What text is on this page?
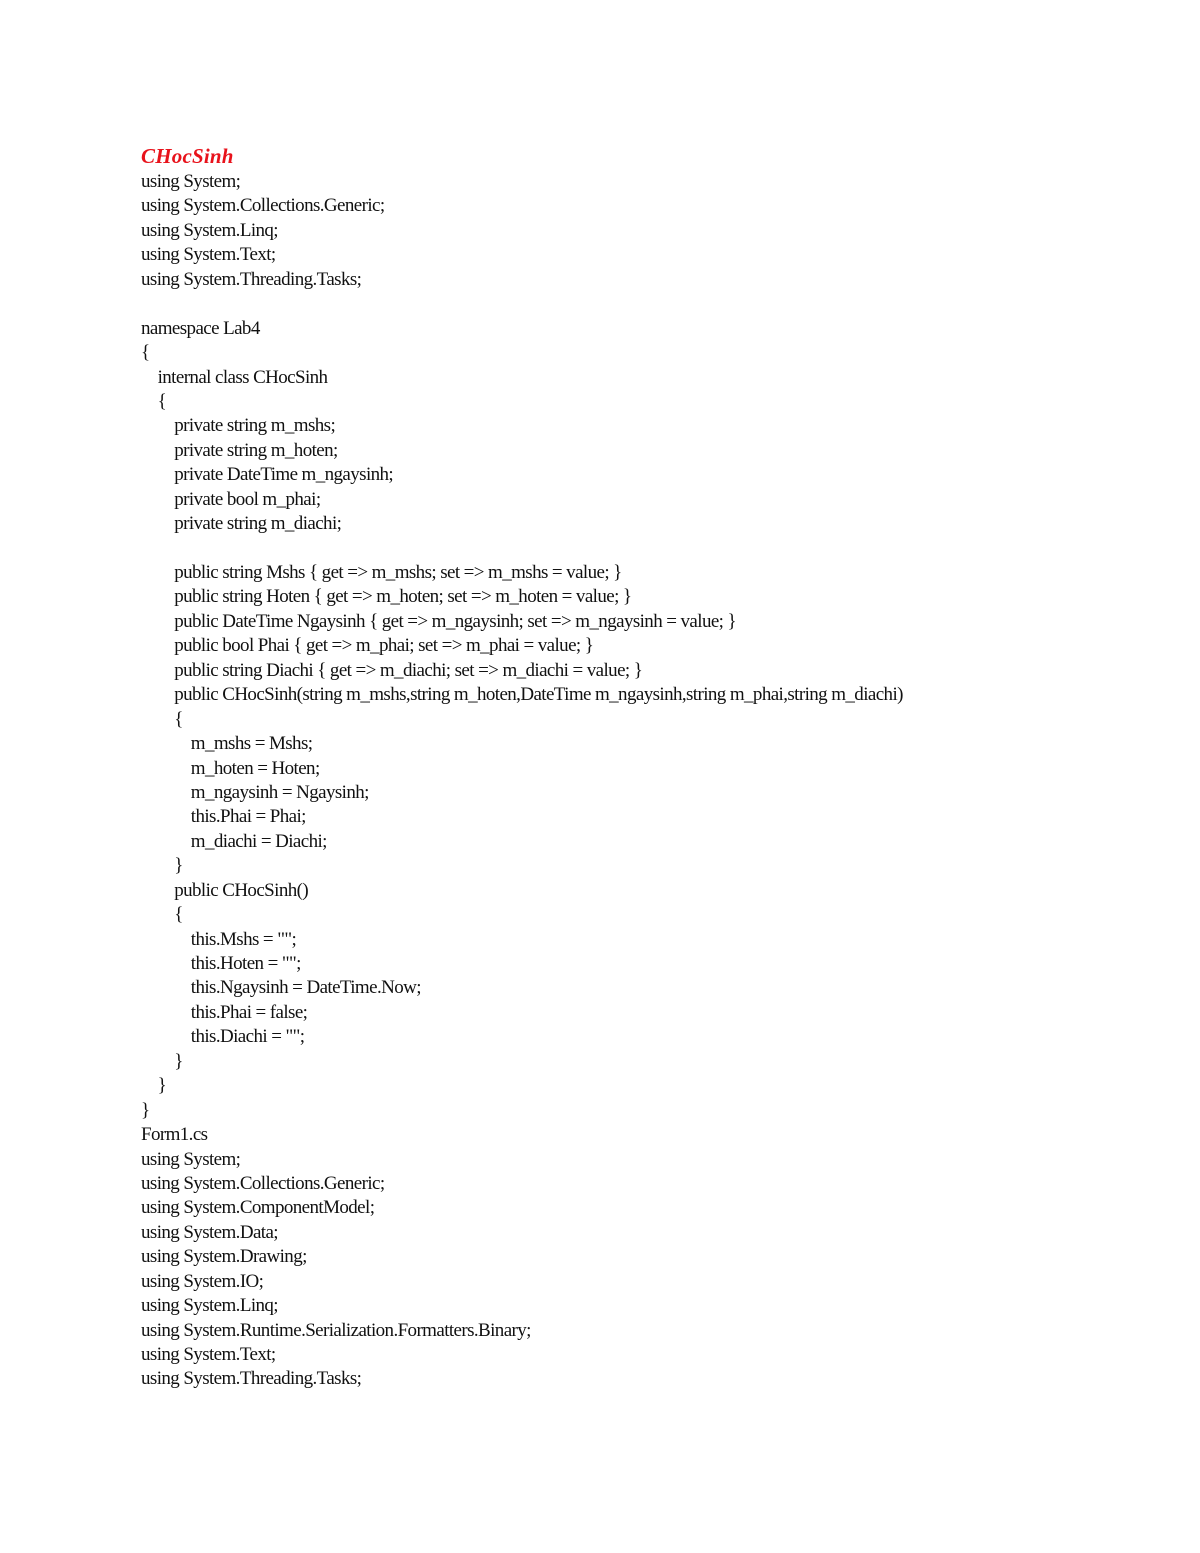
CHocSinh
using System;
using System.Collections.Generic;
using System.Linq;
using System.Text;
using System.Threading.Tasks;
namespace Lab4
{
internal class CHocSinh
{
private string m_mshs;
private string m_hoten;
private DateTime m_ngaysinh;
private bool m_phai;
private string m_diachi;
public string Mshs { get => m_mshs; set => m_mshs = value; }
public string Hoten { get => m_hoten; set => m_hoten = value; }
public DateTime Ngaysinh { get => m_ngaysinh; set => m_ngaysinh = value; }
public bool Phai { get => m_phai; set => m_phai = value; }
public string Diachi { get => m_diachi; set => m_diachi = value; }
public CHocSinh(string m_mshs,string m_hoten,DateTime m_ngaysinh,string m_phai,string m_diachi)
{
m_mshs = Mshs;
m_hoten = Hoten;
m_ngaysinh = Ngaysinh;
this.Phai = Phai;
m_diachi = Diachi;
}
public CHocSinh()
{
this.Mshs = "";
this.Hoten = "";
this.Ngaysinh = DateTime.Now;
this.Phai = false;
this.Diachi = "";
}
}
}
Form1.cs
using System;
using System.Collections.Generic;
using System.ComponentModel;
using System.Data;
using System.Drawing;
using System.IO;
using System.Linq;
using System.Runtime.Serialization.Formatters.Binary;
using System.Text;
using System.Threading.Tasks;
